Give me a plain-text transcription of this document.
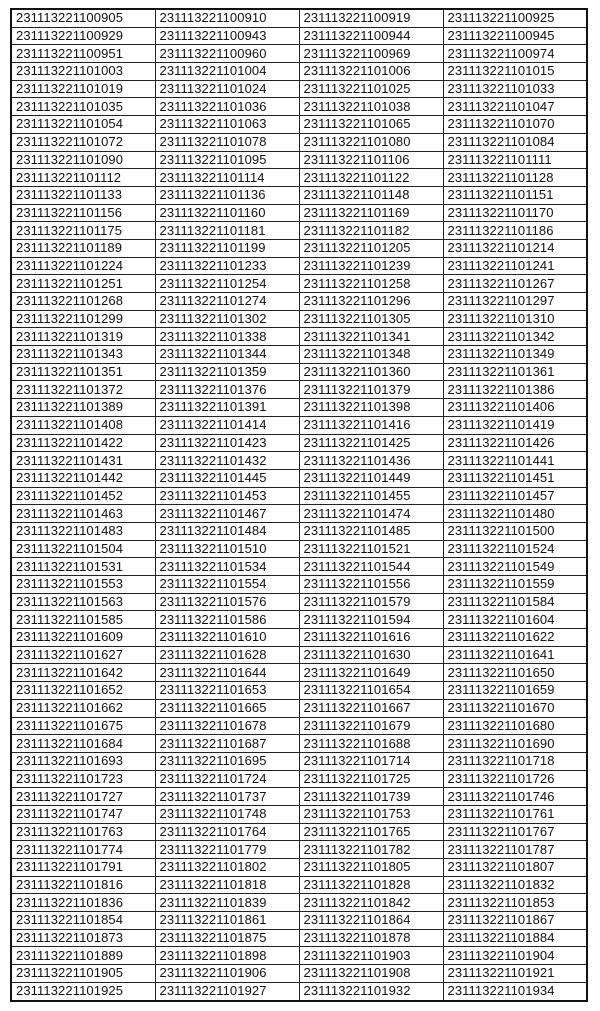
231113221100905	231113221100910	231113221100919	231113221100925
231113221100929	231113221100943	231113221100944	231113221100945
231113221100951	231113221100960	231113221100969	231113221100974
231113221101003	231113221101004	231113221101006	231113221101015
231113221101019	231113221101024	231113221101025	231113221101033
231113221101035	231113221101036	231113221101038	231113221101047
231113221101054	231113221101063	231113221101065	231113221101070
231113221101072	231113221101078	231113221101080	231113221101084
231113221101090	231113221101095	231113221101106	231113221101111
231113221101112	231113221101114	231113221101122	231113221101128
231113221101133	231113221101136	231113221101148	231113221101151
231113221101156	231113221101160	231113221101169	231113221101170
231113221101175	231113221101181	231113221101182	231113221101186
231113221101189	231113221101199	231113221101205	231113221101214
231113221101224	231113221101233	231113221101239	231113221101241
231113221101251	231113221101254	231113221101258	231113221101267
231113221101268	231113221101274	231113221101296	231113221101297
231113221101299	231113221101302	231113221101305	231113221101310
231113221101319	231113221101338	231113221101341	231113221101342
231113221101343	231113221101344	231113221101348	231113221101349
231113221101351	231113221101359	231113221101360	231113221101361
231113221101372	231113221101376	231113221101379	231113221101386
231113221101389	231113221101391	231113221101398	231113221101406
231113221101408	231113221101414	231113221101416	231113221101419
231113221101422	231113221101423	231113221101425	231113221101426
231113221101431	231113221101432	231113221101436	231113221101441
231113221101442	231113221101445	231113221101449	231113221101451
231113221101452	231113221101453	231113221101455	231113221101457
231113221101463	231113221101467	231113221101474	231113221101480
231113221101483	231113221101484	231113221101485	231113221101500
231113221101504	231113221101510	231113221101521	231113221101524
231113221101531	231113221101534	231113221101544	231113221101549
231113221101553	231113221101554	231113221101556	231113221101559
231113221101563	231113221101576	231113221101579	231113221101584
231113221101585	231113221101586	231113221101594	231113221101604
231113221101609	231113221101610	231113221101616	231113221101622
231113221101627	231113221101628	231113221101630	231113221101641
231113221101642	231113221101644	231113221101649	231113221101650
231113221101652	231113221101653	231113221101654	231113221101659
231113221101662	231113221101665	231113221101667	231113221101670
231113221101675	231113221101678	231113221101679	231113221101680
231113221101684	231113221101687	231113221101688	231113221101690
231113221101693	231113221101695	231113221101714	231113221101718
231113221101723	231113221101724	231113221101725	231113221101726
231113221101727	231113221101737	231113221101739	231113221101746
231113221101747	231113221101748	231113221101753	231113221101761
231113221101763	231113221101764	231113221101765	231113221101767
231113221101774	231113221101779	231113221101782	231113221101787
231113221101791	231113221101802	231113221101805	231113221101807
231113221101816	231113221101818	231113221101828	231113221101832
231113221101836	231113221101839	231113221101842	231113221101853
231113221101854	231113221101861	231113221101864	231113221101867
231113221101873	231113221101875	231113221101878	231113221101884
231113221101889	231113221101898	231113221101903	231113221101904
231113221101905	231113221101906	231113221101908	231113221101921
231113221101925	231113221101927	231113221101932	231113221101934
